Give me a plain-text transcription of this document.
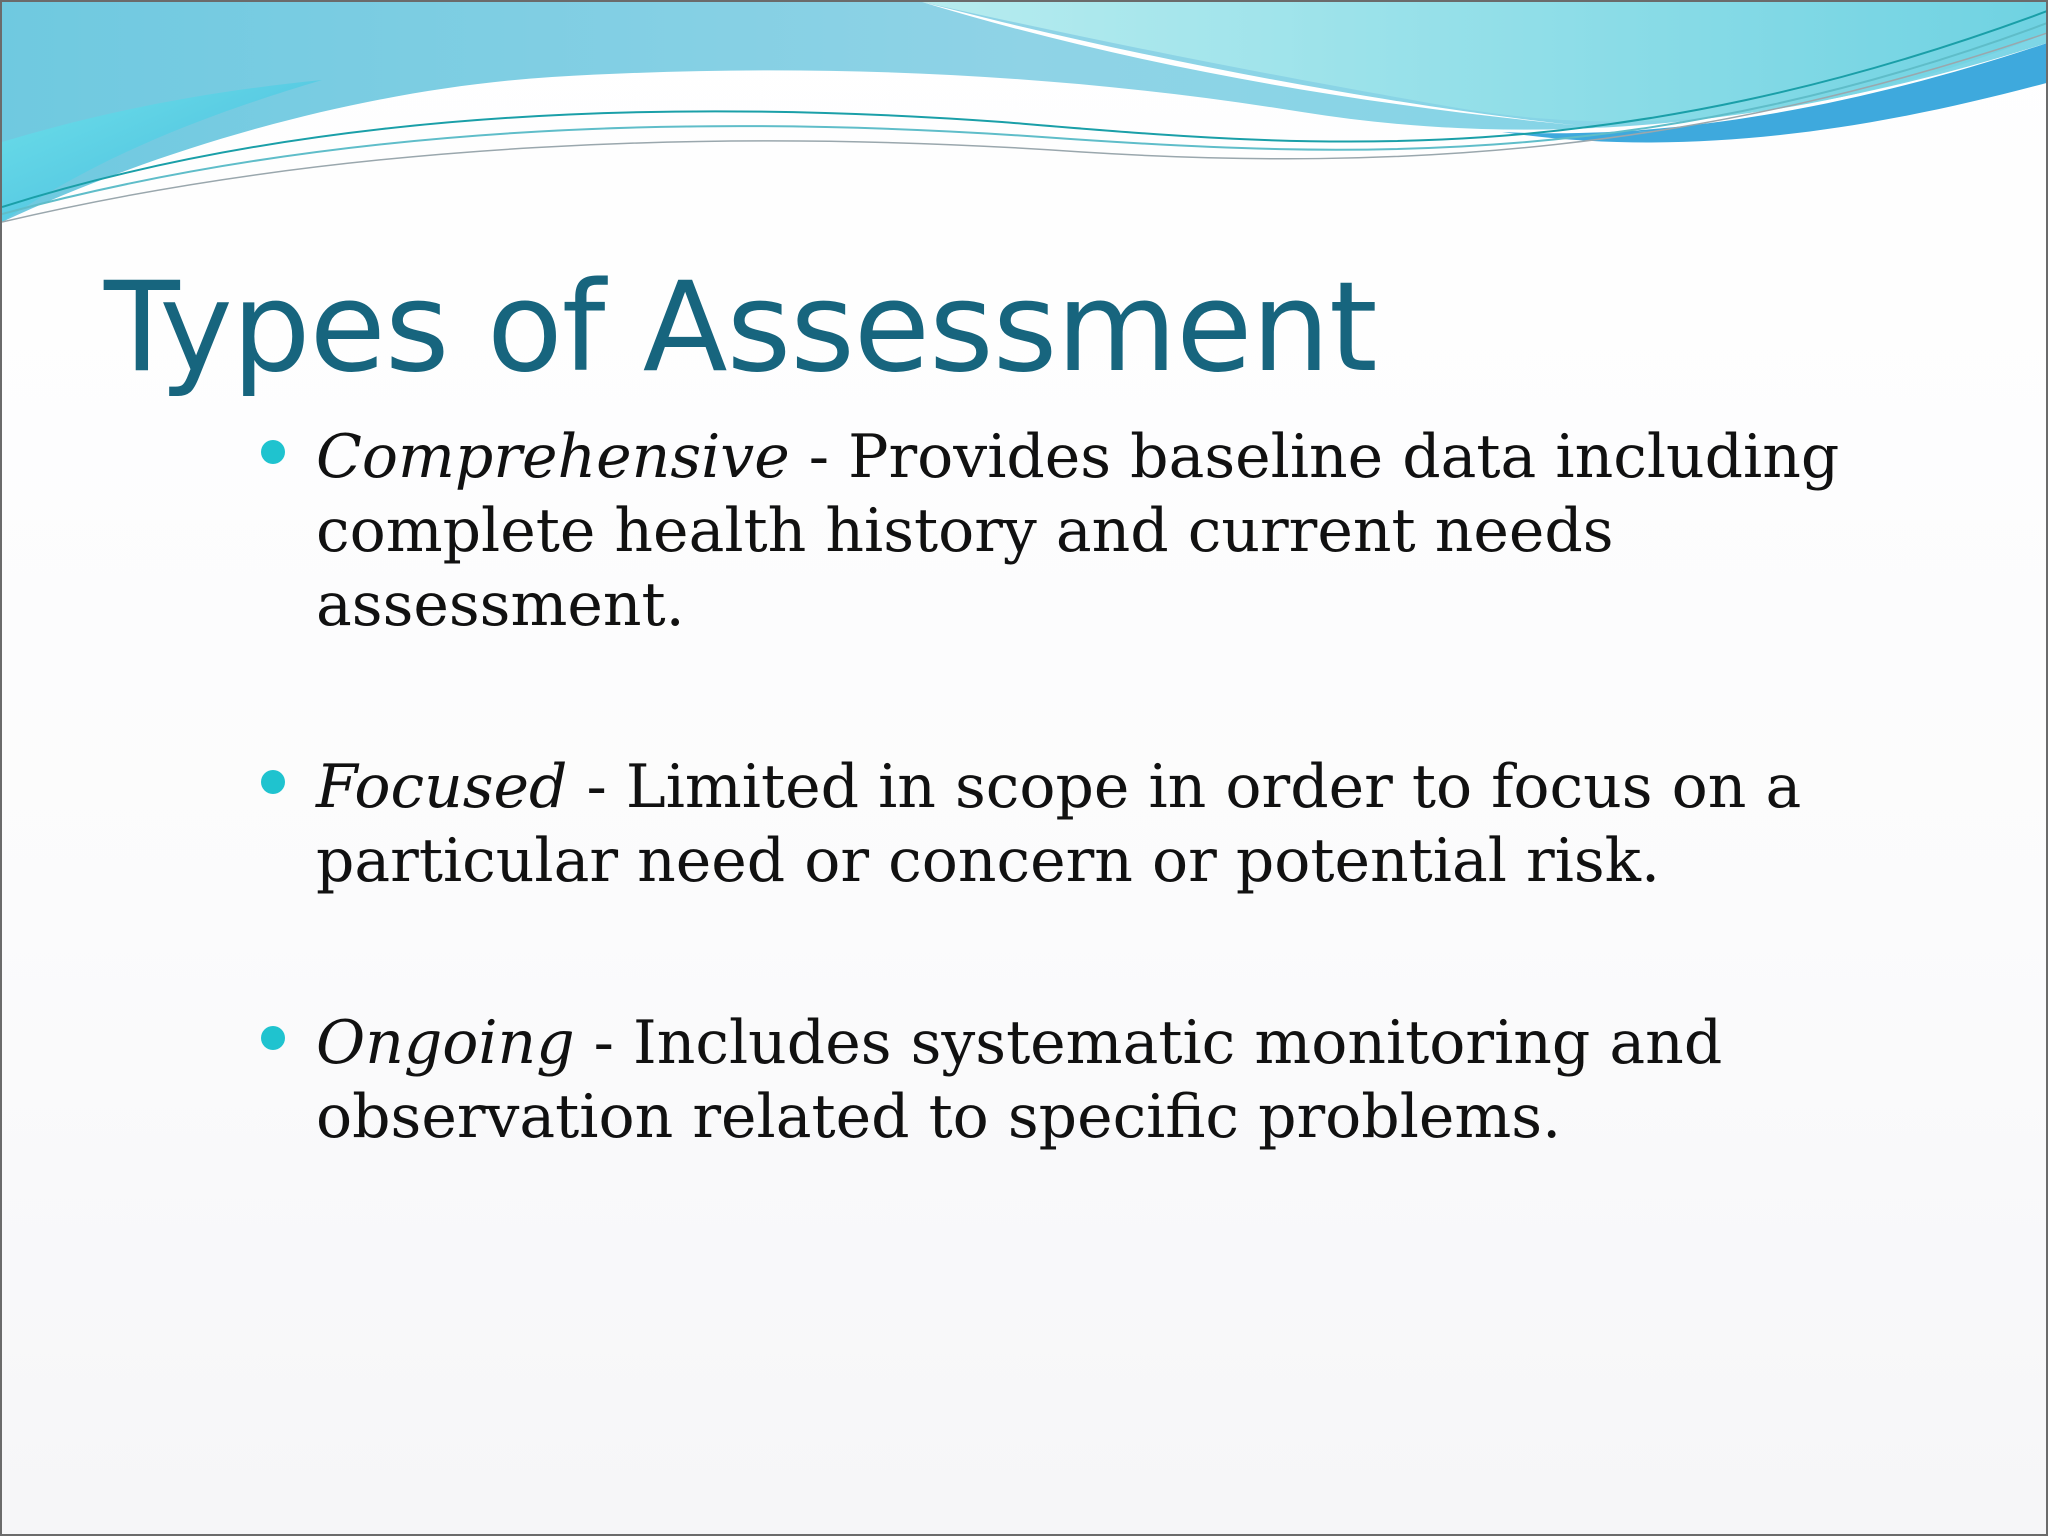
Types of Assessment
Comprehensive - Provides baseline data including complete health history and current needs assessment.
Focused - Limited in scope in order to focus on a particular need or concern or potential risk.
Ongoing - Includes systematic monitoring and observation related to specific problems.
